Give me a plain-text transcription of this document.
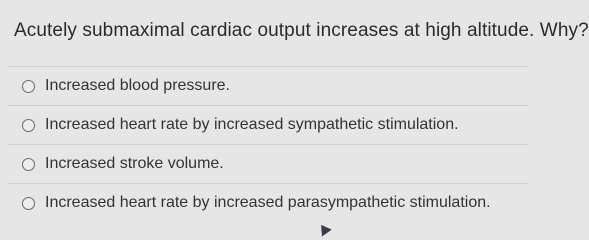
Acutely submaximal cardiac output increases at high altitude. Why?
Increased blood pressure.
Increased heart rate by increased sympathetic stimulation.
Increased stroke volume.
Increased heart rate by increased parasympathetic stimulation.
